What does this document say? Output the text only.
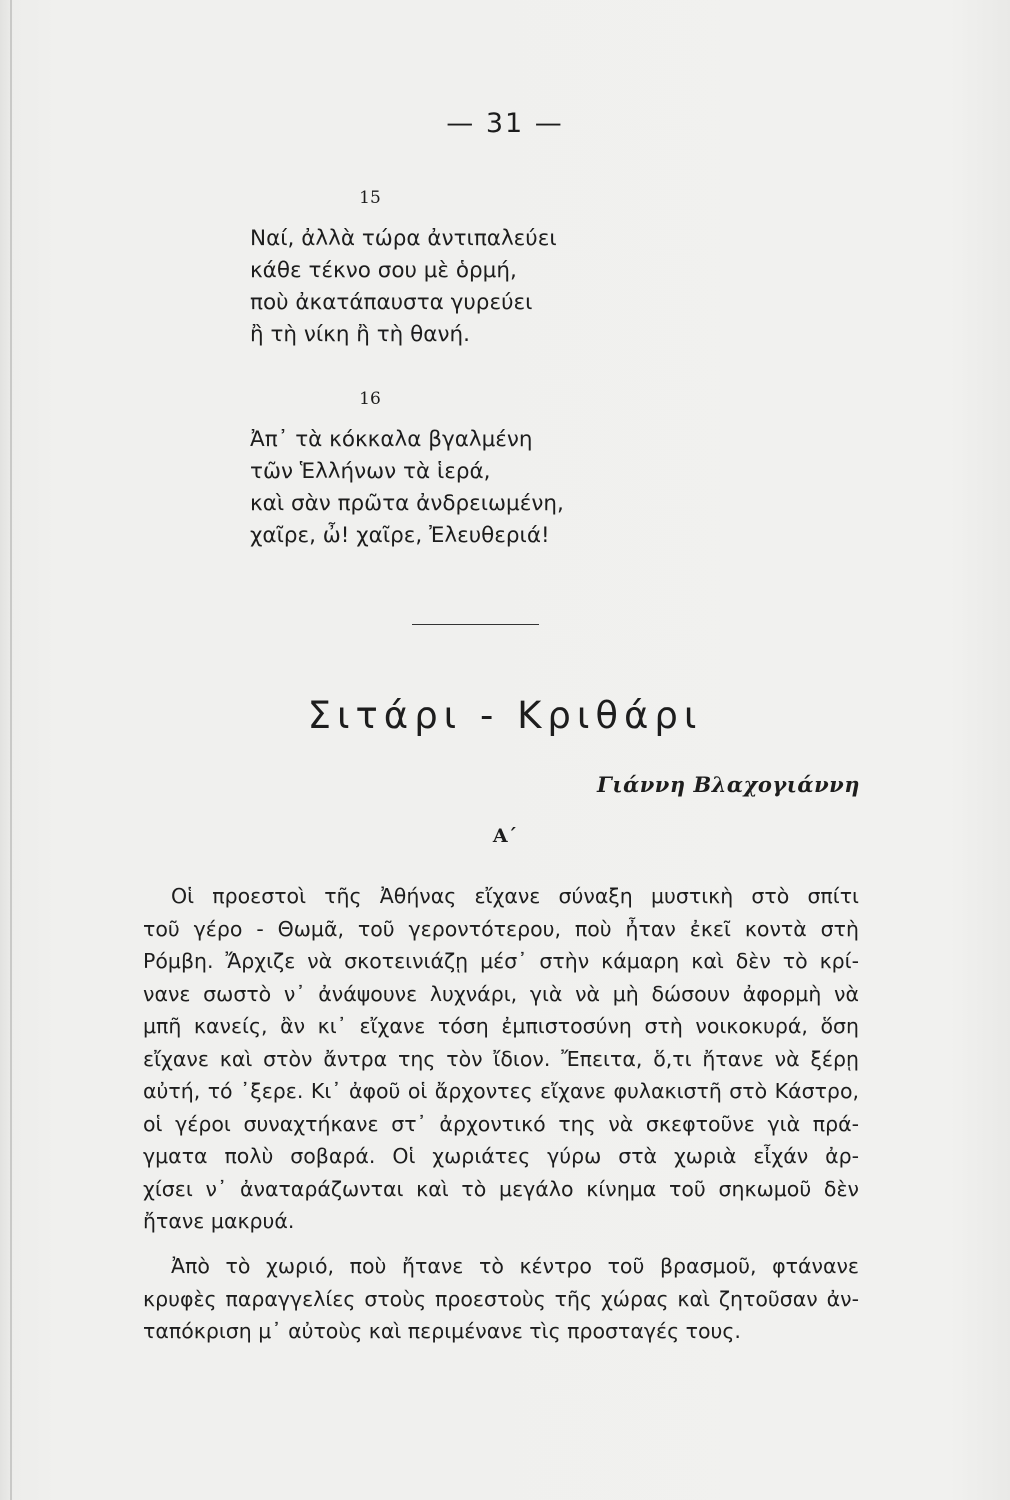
— 31 —
15
Ναί, ἀλλὰ τώρα ἀντιπαλεύει
κάθε τέκνο σου μὲ ὁρμή,
ποὺ ἀκατάπαυστα γυρεύει
ἢ τὴ νίκη ἢ τὴ θανή.
16
Ἀπ᾽ τὰ κόκκαλα βγαλμένη
τῶν Ἑλλήνων τὰ ἱερά,
καὶ σὰν πρῶτα ἀνδρειωμένη,
χαῖρε, ὦ! χαῖρε, Ἐλευθεριά!
Σιτάρι - Κριθάρι
Γιάννη Βλαχογιάννη
Α΄
Οἱ προεστοὶ τῆς Ἀθήνας εἴχανε σύναξη μυστικὴ στὸ σπίτι
τοῦ γέρο - Θωμᾶ, τοῦ γεροντότερου, ποὺ ἦταν ἐκεῖ κοντὰ στὴ
Ρόμβη. Ἄρχιζε νὰ σκοτεινιάζῃ μέσ᾽ στὴν κάμαρη καὶ δὲν τὸ κρί-
νανε σωστὸ ν᾽ ἀνάψουνε λυχνάρι, γιὰ νὰ μὴ δώσουν ἀφορμὴ νὰ
μπῆ κανείς, ἂν κι᾽ εἴχανε τόση ἐμπιστοσύνη στὴ νοικοκυρά, ὅση
εἴχανε καὶ στὸν ἄντρα της τὸν ἴδιον. Ἔπειτα, ὅ,τι ἤτανε νὰ ξέρῃ
αὐτή, τό ᾽ξερε. Κι᾽ ἀφοῦ οἱ ἄρχοντες εἴχανε φυλακιστῆ στὸ Κάστρο,
οἱ γέροι συναχτήκανε στ᾽ ἀρχοντικό της νὰ σκεφτοῦνε γιὰ πρά-
γματα πολὺ σοβαρά. Οἱ χωριάτες γύρω στὰ χωριὰ εἶχάν ἀρ-
χίσει ν᾽ ἀναταράζωνται καὶ τὸ μεγάλο κίνημα τοῦ σηκωμοῦ δὲν
ἤτανε μακρυά.
Ἀπὸ τὸ χωριό, ποὺ ἤτανε τὸ κέντρο τοῦ βρασμοῦ, φτάνανε
κρυφὲς παραγγελίες στοὺς προεστοὺς τῆς χώρας καὶ ζητοῦσαν ἀν-
ταπόκριση μ᾽ αὐτοὺς καὶ περιμένανε τὶς προσταγές τους.
